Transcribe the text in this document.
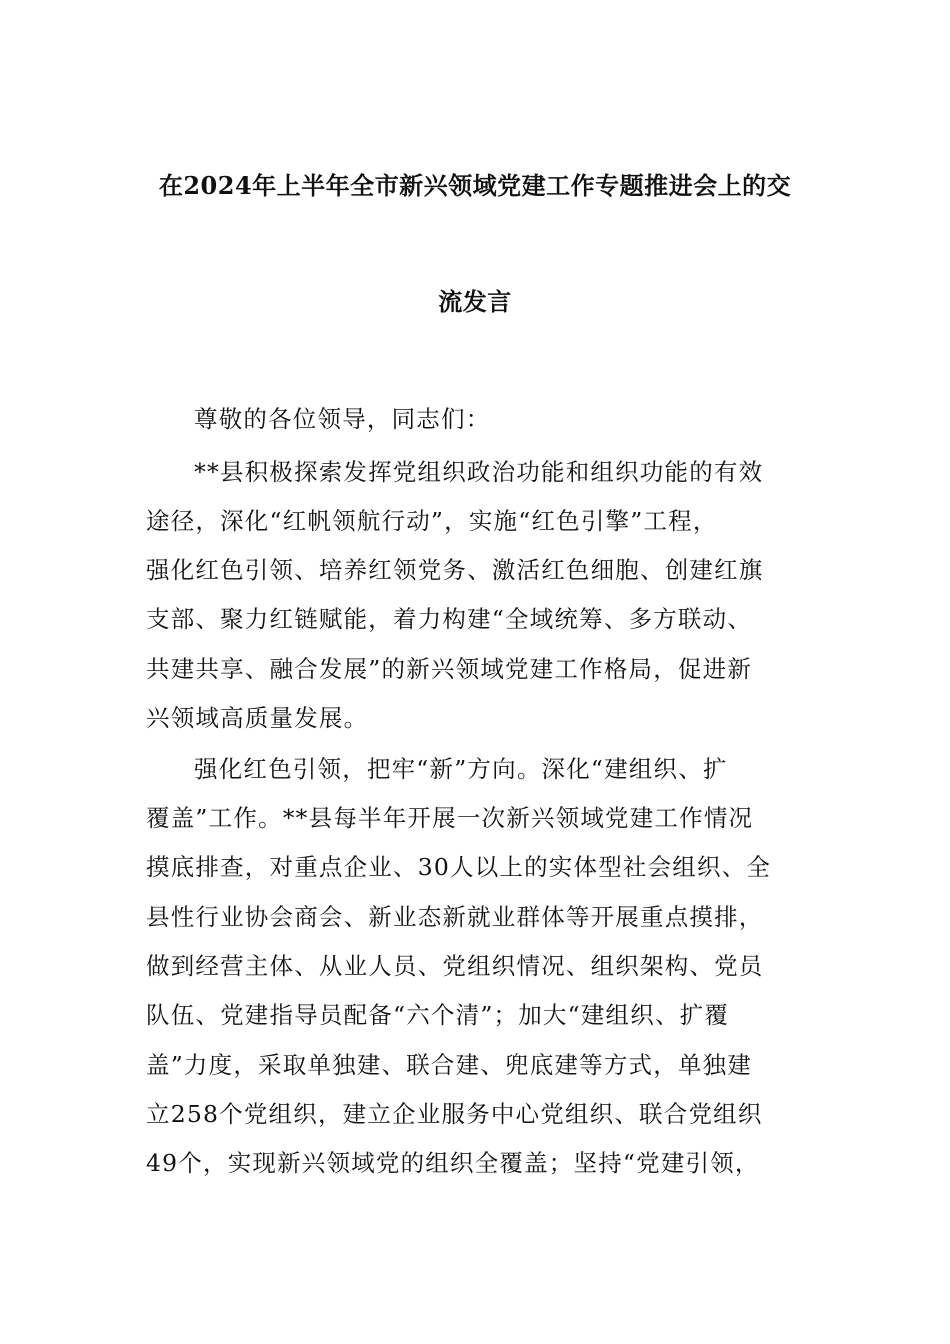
在2024年上半年全市新兴领域党建工作专题推进会上的交
流发言
尊敬的各位领导，同志们：
**县积极探索发挥党组织政治功能和组织功能的有效
途径，深化“红帆领航行动”，实施“红色引擎”工程，
强化红色引领、培养红领党务、激活红色细胞、创建红旗
支部、聚力红链赋能，着力构建“全域统筹、多方联动、
共建共享、融合发展”的新兴领域党建工作格局，促进新
兴领域高质量发展。
强化红色引领，把牢“新”方向。深化“建组织、扩
覆盖”工作。**县每半年开展一次新兴领域党建工作情况
摸底排查，对重点企业、30人以上的实体型社会组织、全
县性行业协会商会、新业态新就业群体等开展重点摸排，
做到经营主体、从业人员、党组织情况、组织架构、党员
队伍、党建指导员配备“六个清”；加大“建组织、扩覆
盖”力度，采取单独建、联合建、兜底建等方式，单独建
立258个党组织，建立企业服务中心党组织、联合党组织
49个，实现新兴领域党的组织全覆盖；坚持“党建引领，
